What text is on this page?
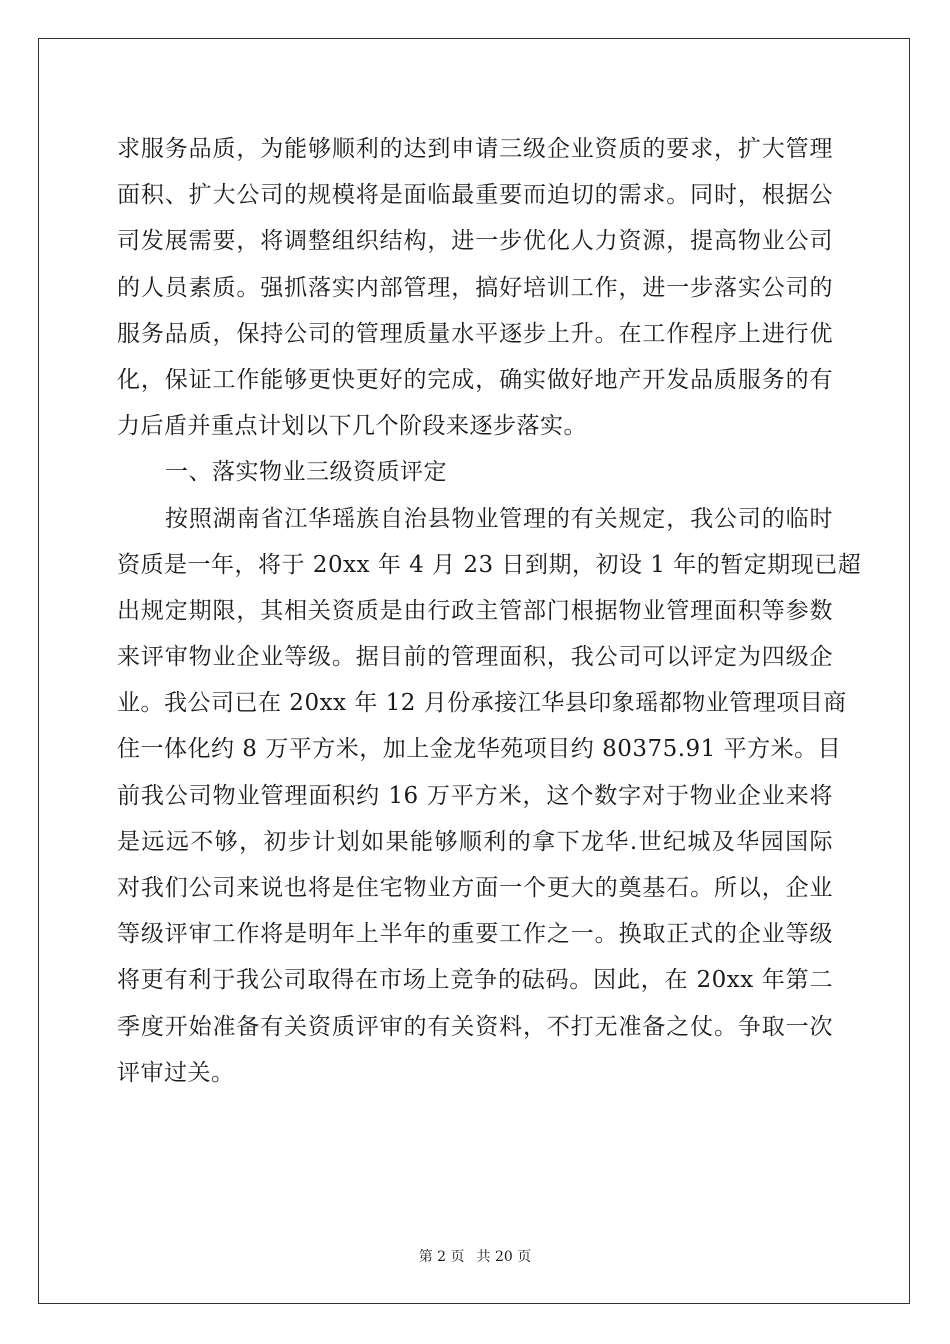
求服务品质，为能够顺利的达到申请三级企业资质的要求，扩大管理
面积、扩大公司的规模将是面临最重要而迫切的需求。同时，根据公
司发展需要，将调整组织结构，进一步优化人力资源，提高物业公司
的人员素质。强抓落实内部管理，搞好培训工作，进一步落实公司的
服务品质，保持公司的管理质量水平逐步上升。在工作程序上进行优
化，保证工作能够更快更好的完成，确实做好地产开发品质服务的有
力后盾并重点计划以下几个阶段来逐步落实。
一、落实物业三级资质评定
按照湖南省江华瑶族自治县物业管理的有关规定，我公司的临时
资质是一年，将于 20xx 年 4 月 23 日到期，初设 1 年的暂定期现已超
出规定期限，其相关资质是由行政主管部门根据物业管理面积等参数
来评审物业企业等级。据目前的管理面积，我公司可以评定为四级企
业。我公司已在 20xx 年 12 月份承接江华县印象瑶都物业管理项目商
住一体化约 8 万平方米，加上金龙华苑项目约 80375.91 平方米。目
前我公司物业管理面积约 16 万平方米，这个数字对于物业企业来将
是远远不够，初步计划如果能够顺利的拿下龙华.世纪城及华园国际
对我们公司来说也将是住宅物业方面一个更大的奠基石。所以，企业
等级评审工作将是明年上半年的重要工作之一。换取正式的企业等级
将更有利于我公司取得在市场上竞争的砝码。因此，在 20xx 年第二
季度开始准备有关资质评审的有关资料，不打无准备之仗。争取一次
评审过关。
第 2 页 共 20 页
